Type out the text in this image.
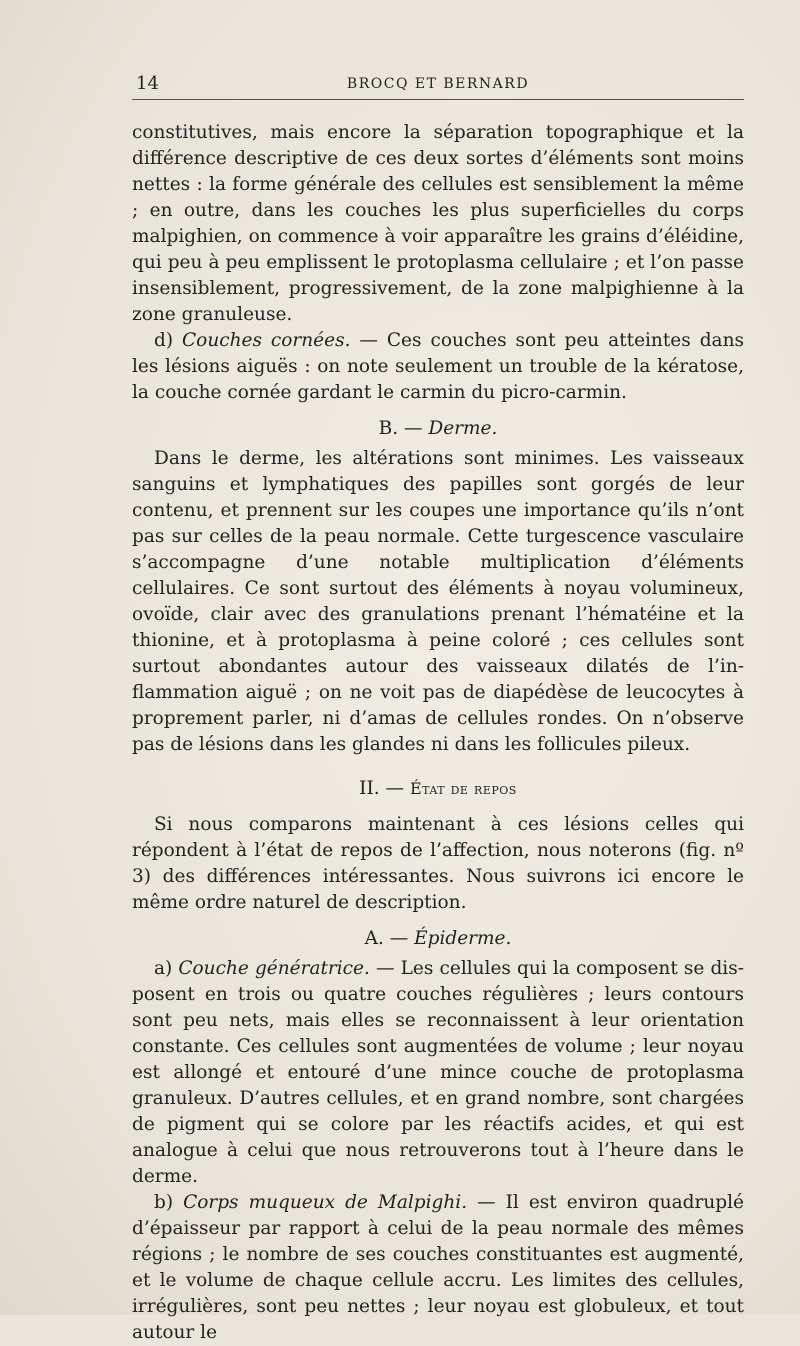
14	BROCQ ET BERNARD

constitutives, mais encore la séparation topographique et la différence descriptive de ces deux sortes d’éléments sont moins nettes : la forme générale des cellules est sensiblement la même ; en outre, dans les couches les plus superficielles du corps malpighien, on commence à voir apparaître les grains d’éléidine, qui peu à peu emplissent le protoplasma cellulaire ; et l’on passe insensiblement, progressivement, de la zone malpighienne à la zone granuleuse.

d) Couches cornées. — Ces couches sont peu atteintes dans les lésions aiguës : on note seulement un trouble de la kératose, la couche cornée gardant le carmin du picro-carmin.

B. — Derme.

Dans le derme, les altérations sont minimes. Les vaisseaux sanguins et lymphatiques des papilles sont gorgés de leur contenu, et prennent sur les coupes une importance qu’ils n’ont pas sur celles de la peau normale. Cette turgescence vasculaire s’accompagne d’une notable multiplication d’éléments cellulaires. Ce sont surtout des éléments à noyau volumineux, ovoïde, clair avec des granulations prenant l’hématéine et la thionine, et à protoplasma à peine coloré ; ces cellules sont surtout abondantes autour des vaisseaux dilatés de l’inflammation aiguë ; on ne voit pas de diapédèse de leucocytes à proprement parler, ni d’amas de cellules rondes. On n’observe pas de lésions dans les glandes ni dans les follicules pileux.

II. — État de repos

Si nous comparons maintenant à ces lésions celles qui répondent à l’état de repos de l’affection, nous noterons (fig. nº 3) des différences intéressantes. Nous suivrons ici encore le même ordre naturel de description.

A. — Épiderme.

a) Couche génératrice. — Les cellules qui la composent se disposent en trois ou quatre couches régulières ; leurs contours sont peu nets, mais elles se reconnaissent à leur orientation constante. Ces cellules sont augmentées de volume ; leur noyau est allongé et entouré d’une mince couche de protoplasma granuleux. D’autres cellules, et en grand nombre, sont chargées de pigment qui se colore par les réactifs acides, et qui est analogue à celui que nous retrouverons tout à l’heure dans le derme.

b) Corps muqueux de Malpighi. — Il est environ quadruplé d’épaisseur par rapport à celui de la peau normale des mêmes régions ; le nombre de ses couches constituantes est augmenté, et le volume de chaque cellule accru. Les limites des cellules, irrégulières, sont peu nettes ; leur noyau est globuleux, et tout autour le
